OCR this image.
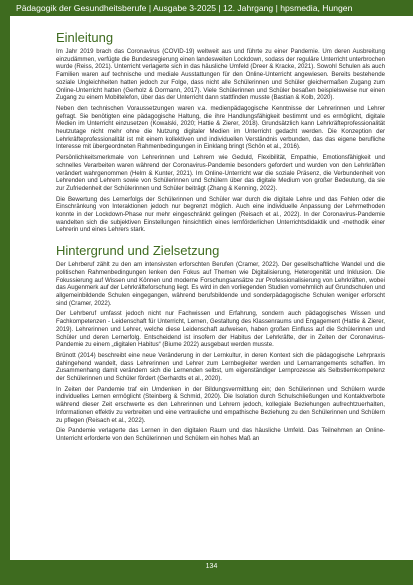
Pädagogik der Gesundheitsberufe | Ausgabe 3-2025 | 12. Jahrgang | hpsmedia, Hungen
Einleitung

Im Jahr 2019 brach das Coronavirus (COVID-19) weltweit aus und führte zu einer Pandemie. Um deren Ausbreitung einzudämmen, verfügte die Bundesregierung einen landesweiten Lockdown, sodass der reguläre Unterricht unterbrochen wurde (Reiss, 2021). Unterricht verlagerte sich in das häusliche Umfeld (Dreer & Kracke, 2021). Sowohl Schulen als auch Familien waren auf technische und mediale Ausstattungen für den Online-Unterricht angewiesen. Bereits bestehende soziale Ungleichheiten hatten jedoch zur Folge, dass nicht alle Schülerinnen und Schüler gleichermaßen Zugang zum Online-Unterricht hatten (Gerholz & Dormann, 2017). Viele Schülerinnen und Schüler besaßen beispielsweise nur einen Zugang zu einem Mobiltelefon, über das der Unterricht dann stattfinden musste (Bastian & Kolb, 2020).

Neben den technischen Voraussetzungen waren v.a. medienpädagogische Kenntnisse der Lehrerinnen und Lehrer gefragt. Sie benötigten eine pädagogische Haltung, die ihre Handlungsfähigkeit bestimmt und es ermöglicht, digitale Medien im Unterricht einzusetzen (Kowalski, 2020; Hattie & Zierer, 2018). Grundsätzlich kann Lehrkräfteprofessionalität heutzutage nicht mehr ohne die Nutzung digitaler Medien im Unterricht gedacht werden. Die Konzeption der Lehrkräfteprofessionalität ist mit einem kollektiven und individuellen Verständnis verbunden, das das eigene berufliche Interesse mit übergeordneten Rahmenbedingungen in Einklang bringt (Schön et al., 2016).

Persönlichkeitsmerkmale von Lehrerinnen und Lehrern wie Geduld, Flexibilität, Empathie, Emotionsfähigkeit und schnelles Verarbeiten waren während der Coronavirus-Pandemie besonders gefordert und wurden von den Lehrkräften verändert wahrgenommen (Helm & Kunter, 2021). Im Online-Unterricht war die soziale Präsenz, die Verbundenheit von Lehrenden und Lehrern sowie von Schülerinnen und Schülern über das digitale Medium von großer Bedeutung, da sie zur Zufriedenheit der Schülerinnen und Schüler beiträgt (Zhang & Kenning, 2022).

Die Bewertung des Lernerfolgs der Schülerinnen und Schüler war durch die digitale Lehre und das Fehlen oder die Einschränkung von Interaktionen jedoch nur begrenzt möglich. Auch eine individuelle Anpassung der Lehrmethoden konnte in der Lockdown-Phase nur mehr eingeschränkt gelingen (Reisach et al., 2022). In der Coronavirus-Pandemie wandelten sich die subjektiven Einstellungen hinsichtlich eines lernförderlichen Unterrichtsdidaktik und -methodik einer Lehrerin und eines Lehrers stark.

Hintergrund und Zielsetzung

Der Lehrberuf zählt zu den am intensivsten erforschten Berufen (Cramer, 2022). Der gesellschaftliche Wandel und die politischen Rahmenbedingungen lenken den Fokus auf Themen wie Digitalisierung, Heterogenität und Inklusion. Die Fokussierung auf Wissen und Können und moderne Forschungsansätze zur Professionalisierung von Lehrkräften, wobei das Augenmerk auf der Lehrkräfteforschung liegt. Es wird in den vorliegenden Studien vornehmlich auf Grundschulen und allgemeinbildende Schulen eingegangen, während berufsbildende und sonderpädagogische Schulen weniger erforscht sind (Cramer, 2022).

Der Lehrberuf umfasst jedoch nicht nur Fachwissen und Erfahrung, sondern auch pädagogisches Wissen und Fachkompetenzen - Leidenschaft für Unterricht, Lernen, Gestaltung des Klassenraums und Engagement (Hattie & Zierer, 2019). Lehrerinnen und Lehrer, welche diese Leidenschaft aufweisen, haben großen Einfluss auf die Schülerinnen und Schüler und deren Lernerfolg. Entscheidend ist insofern der Habitus der Lehrkräfte, der in Zeiten der Coronavirus-Pandemie zu einem „digitalen Habitus“ (Biume 2022) ausgebaut werden musste.

Brünott (2014) beschreibt eine neue Veränderung in der Lernkultur, in deren Kontext sich die pädagogische Lehrpraxis dahingehend wandelt, dass Lehrerinnen und Lehrer zum Lernbegleiter werden und Lernarrangements schaffen. Im Zusammenhang damit verändern sich die Lernenden selbst, um eigenständiger Lernprozesse als Selbstlernkompetenz der Schülerinnen und Schüler fördert (Gerhardts et al., 2020).

In Zeiten der Pandemie traf ein Umdenken in der Bildungsvermittlung ein; den Schülerinnen und Schülern wurde individuelles Lernen ermöglicht (Steinberg & Schmid, 2020). Die Isolation durch Schulschließungen und Kontaktverbote während dieser Zeit erschwerte es den Lehrerinnen und Lehrern jedoch, kollegiale Beziehungen aufrechtzuerhalten, Informationen effektiv zu verbreiten und eine vertrauliche und empathische Beziehung zu den Schülerinnen und Schülern zu pflegen (Reisach et al., 2022).

Die Pandemie verlagerte das Lernen in den digitalen Raum und das häusliche Umfeld. Das Teilnehmen an Online-Unterricht erforderte von den Schülerinnen und Schülern ein hohes Maß an

134
